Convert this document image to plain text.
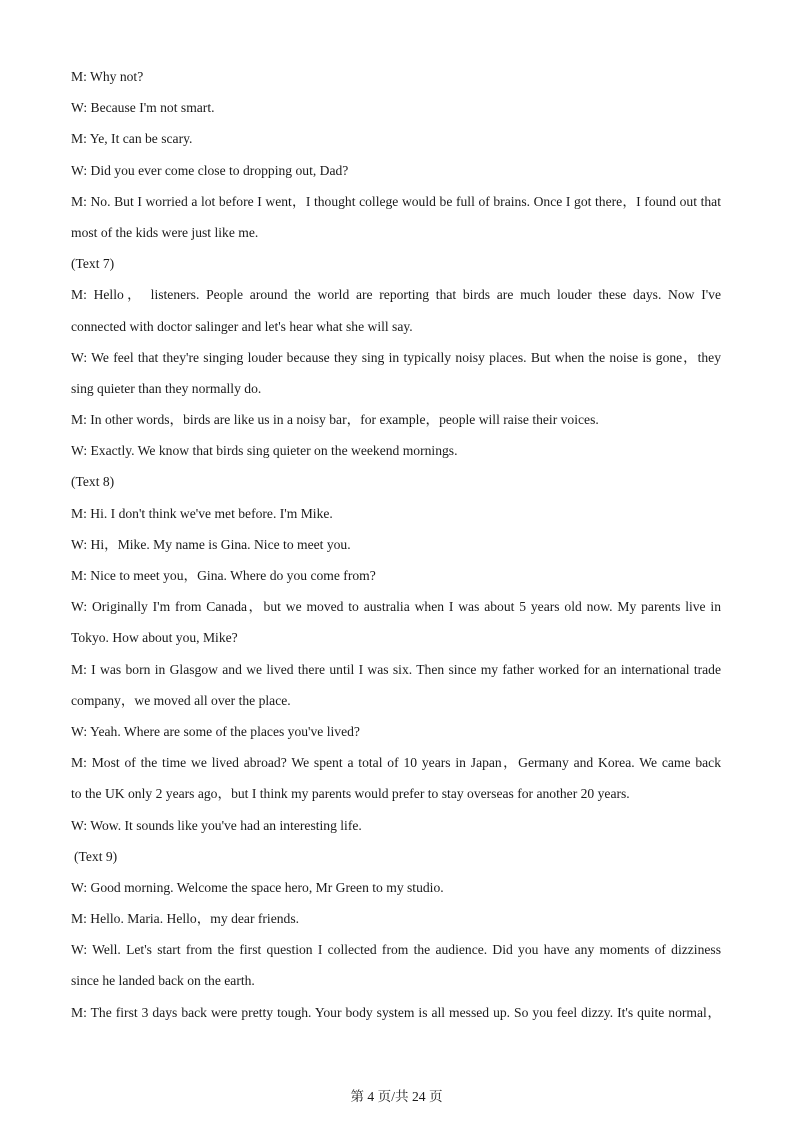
M: Why not?
W: Because I'm not smart.
M: Ye, It can be scary.
W: Did you ever come close to dropping out, Dad?
M: No. But I worried a lot before I went，I thought college would be full of brains. Once I got there，I found out that
most of the kids were just like me.
(Text 7)
M: Hello， listeners. People around the world are reporting that birds are much louder these days. Now I've
connected with doctor salinger and let's hear what she will say.
W: We feel that they're singing louder because they sing in typically noisy places. But when the noise is gone，they
sing quieter than they normally do.
M: In other words，birds are like us in a noisy bar，for example，people will raise their voices.
W: Exactly. We know that birds sing quieter on the weekend mornings.
(Text 8)
M: Hi. I don't think we've met before. I'm Mike.
W: Hi，Mike. My name is Gina. Nice to meet you.
M: Nice to meet you，Gina. Where do you come from?
W: Originally I'm from Canada，but we moved to australia when I was about 5 years old now. My parents live in
Tokyo. How about you, Mike?
M: I was born in Glasgow and we lived there until I was six. Then since my father worked for an international trade
company，we moved all over the place.
W: Yeah. Where are some of the places you've lived?
M: Most of the time we lived abroad? We spent a total of 10 years in Japan，Germany and Korea. We came back
to the UK only 2 years ago，but I think my parents would prefer to stay overseas for another 20 years.
W: Wow. It sounds like you've had an interesting life.
(Text 9)
W: Good morning. Welcome the space hero, Mr Green to my studio.
M: Hello. Maria. Hello，my dear friends.
W: Well. Let's start from the first question I collected from the audience. Did you have any moments of dizziness
since he landed back on the earth.
M: The first 3 days back were pretty tough. Your body system is all messed up. So you feel dizzy. It's quite normal，
第 4 页/共 24 页
